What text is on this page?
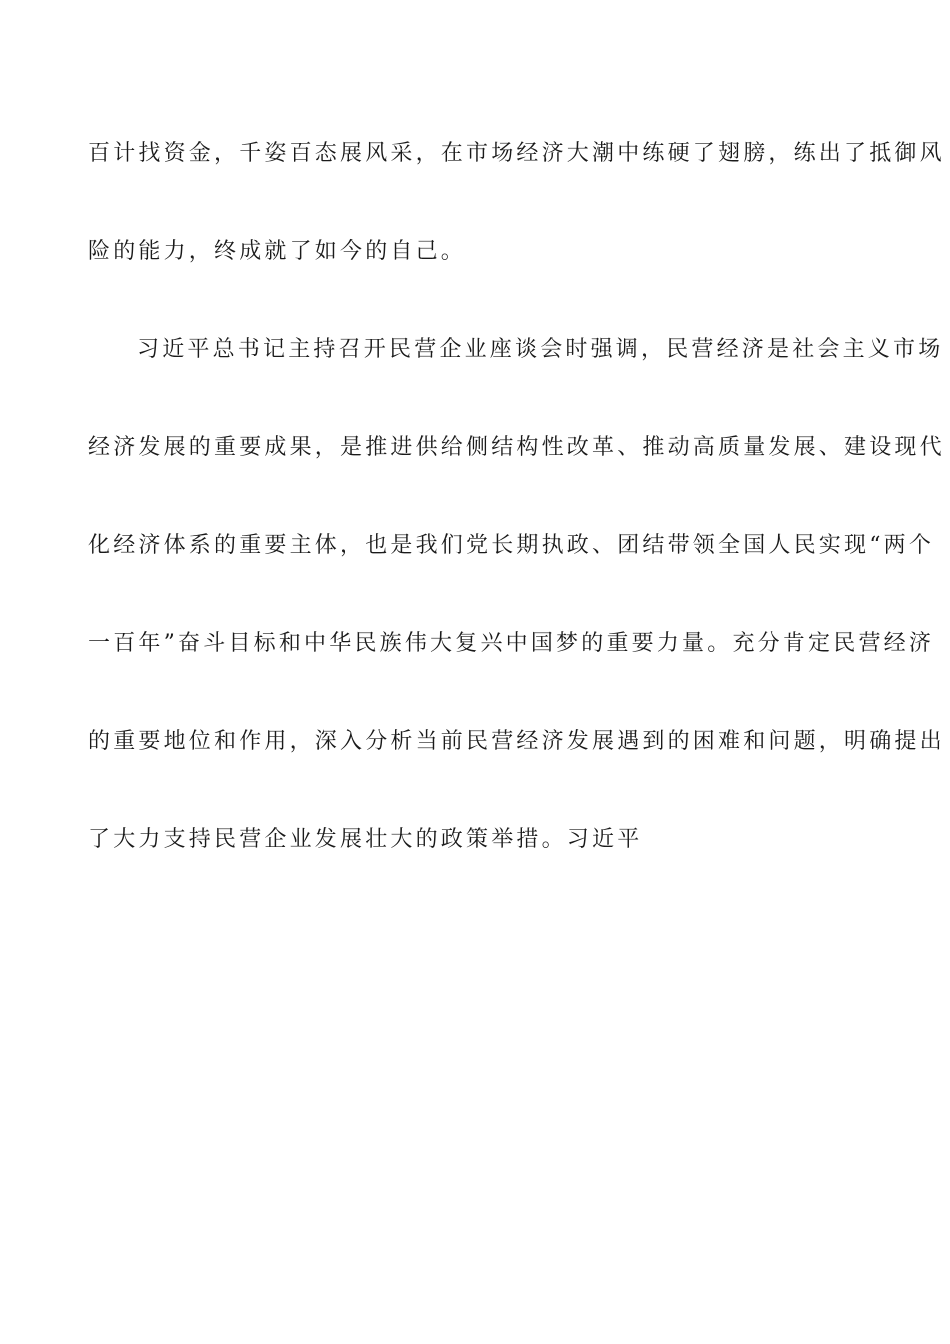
百计找资金，千姿百态展风采，在市场经济大潮中练硬了翅膀，练出了抵御风
险的能力，终成就了如今的自己。
习近平总书记主持召开民营企业座谈会时强调，民营经济是社会主义市场
经济发展的重要成果，是推进供给侧结构性改革、推动高质量发展、建设现代
化经济体系的重要主体，也是我们党长期执政、团结带领全国人民实现“两个
一百年”奋斗目标和中华民族伟大复兴中国梦的重要力量。充分肯定民营经济
的重要地位和作用，深入分析当前民营经济发展遇到的困难和问题，明确提出
了大力支持民营企业发展壮大的政策举措。习近平
